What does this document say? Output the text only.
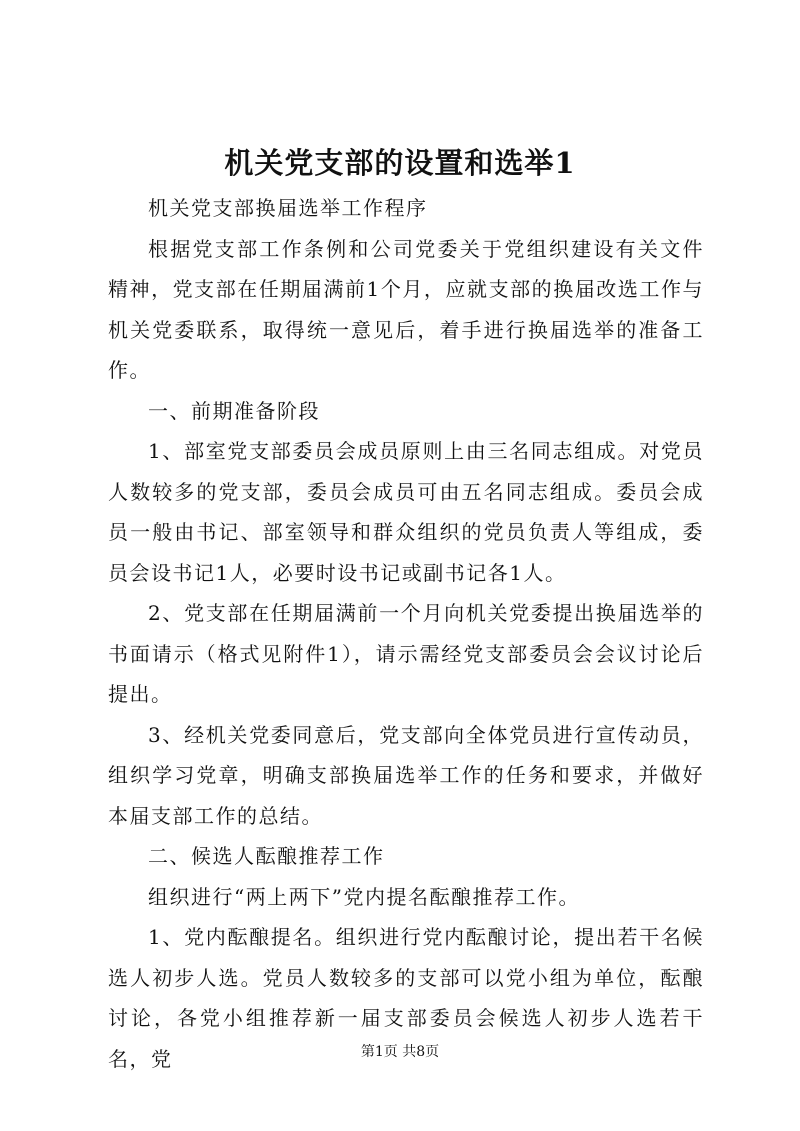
机关党支部的设置和选举1

机关党支部换届选举工作程序

根据党支部工作条例和公司党委关于党组织建设有关文件精神，党支部在任期届满前1个月，应就支部的换届改选工作与机关党委联系，取得统一意见后，着手进行换届选举的准备工作。

一、前期准备阶段

1、部室党支部委员会成员原则上由三名同志组成。对党员人数较多的党支部，委员会成员可由五名同志组成。委员会成员一般由书记、部室领导和群众组织的党员负责人等组成，委员会设书记1人，必要时设书记或副书记各1人。

2、党支部在任期届满前一个月向机关党委提出换届选举的书面请示（格式见附件1），请示需经党支部委员会会议讨论后提出。

3、经机关党委同意后，党支部向全体党员进行宣传动员，组织学习党章，明确支部换届选举工作的任务和要求，并做好本届支部工作的总结。

二、候选人酝酿推荐工作

组织进行“两上两下”党内提名酝酿推荐工作。

1、党内酝酿提名。组织进行党内酝酿讨论，提出若干名候选人初步人选。党员人数较多的支部可以党小组为单位，酝酿讨论，各党小组推荐新一届支部委员会候选人初步人选若干名，党	第1页 共8页
